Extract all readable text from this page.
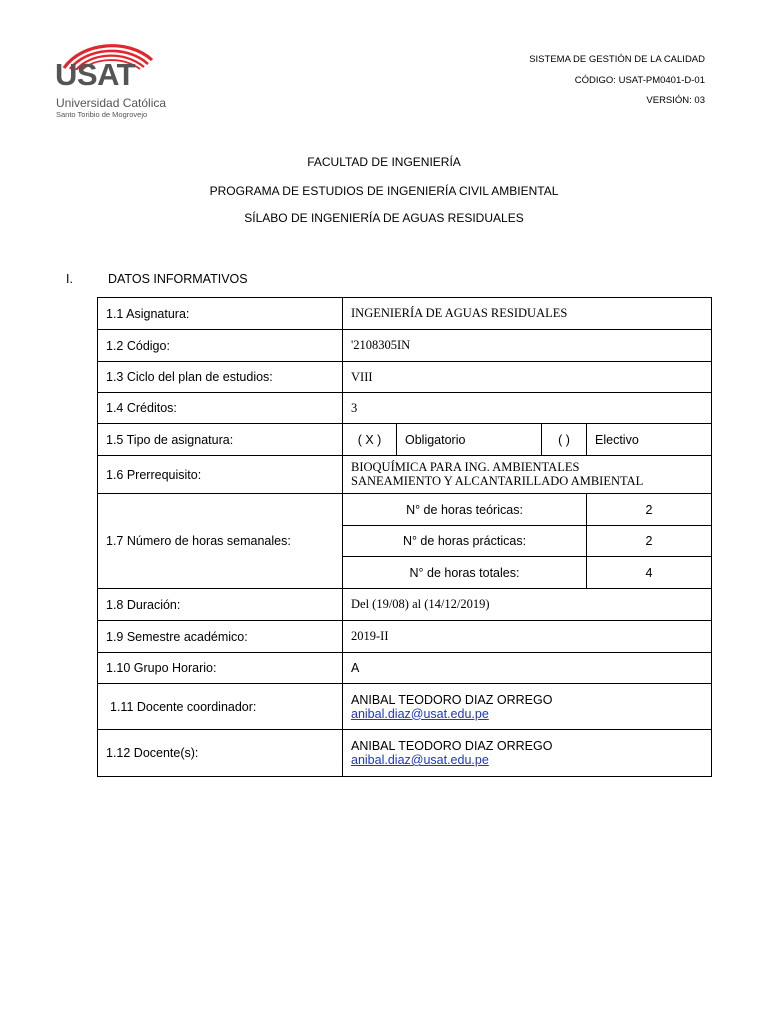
USAT
Universidad Católica
Santo Toribio de Mogrovejo
SISTEMA DE GESTIÓN DE LA CALIDAD
CÓDIGO: USAT-PM0401-D-01
VERSIÓN: 03
FACULTAD DE INGENIERÍA
PROGRAMA DE ESTUDIOS DE INGENIERÍA CIVIL AMBIENTAL
SÍLABO DE INGENIERÍA DE AGUAS RESIDUALES
I.	DATOS INFORMATIVOS
1.1 Asignatura:	INGENIERÍA DE AGUAS RESIDUALES			
1.2 Código:	'2108305IN			
1.3 Ciclo del plan de estudios:	VIII			
1.4 Créditos:	3			
1.5 Tipo de asignatura:	( X )	Obligatorio	( )	Electivo
1.6 Prerrequisito:	BIOQUÍMICA PARA ING. AMBIENTALES
SANEAMIENTO Y ALCANTARILLADO AMBIENTAL			

1.7 Número de horas semanales:	N° de horas teóricas:			2
	N° de horas prácticas:			2
	N° de horas totales:			4
1.8 Duración:	Del (19/08) al (14/12/2019)			
1.9 Semestre académico:	2019-II			
1.10 Grupo Horario:	A			
1.11 Docente coordinador:	ANIBAL TEODORO DIAZ ORREGO
anibal.diaz@usat.edu.pe			
1.12 Docente(s):	ANIBAL TEODORO DIAZ ORREGO
anibal.diaz@usat.edu.pe			
